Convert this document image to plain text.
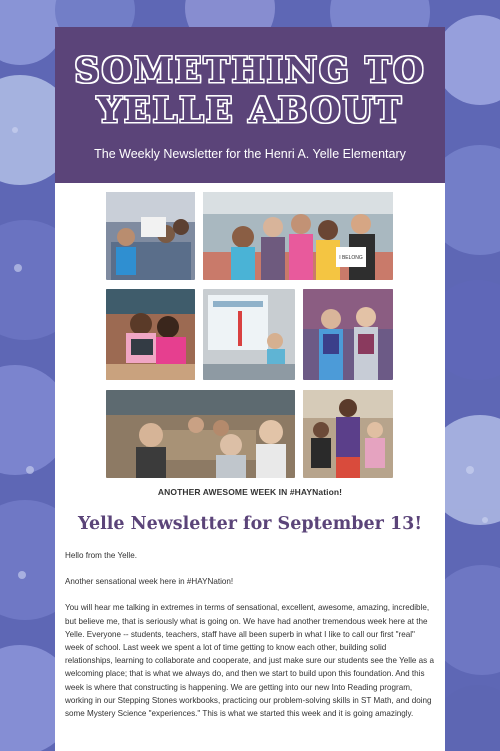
SOMETHING TO
YELLE ABOUT
The Weekly Newsletter for the Henri A. Yelle Elementary
I BELONG
ANOTHER AWESOME WEEK IN #HAYNation!
Yelle Newsletter for September 13!

Hello from the Yelle.

Another sensational week here in #HAYNation!

You will hear me talking in extremes in terms of sensational, excellent, awesome, amazing, incredible, but believe me, that is seriously what is going on. We have had another tremendous week here at the Yelle. Everyone -- students, teachers, staff have all been superb in what I like to call our first "real" week of school. Last week we spent a lot of time getting to know each other, building solid relationships, learning to collaborate and cooperate, and just make sure our students see the Yelle as a welcoming place; that is what we always do, and then we start to build upon this foundation. And this week is where that constructing is happening. We are getting into our new Into Reading program, working in our Stepping Stones workbooks, practicing our problem-solving skills in ST Math, and doing some Mystery Science "experiences." This is what we started this week and it is going amazingly.
